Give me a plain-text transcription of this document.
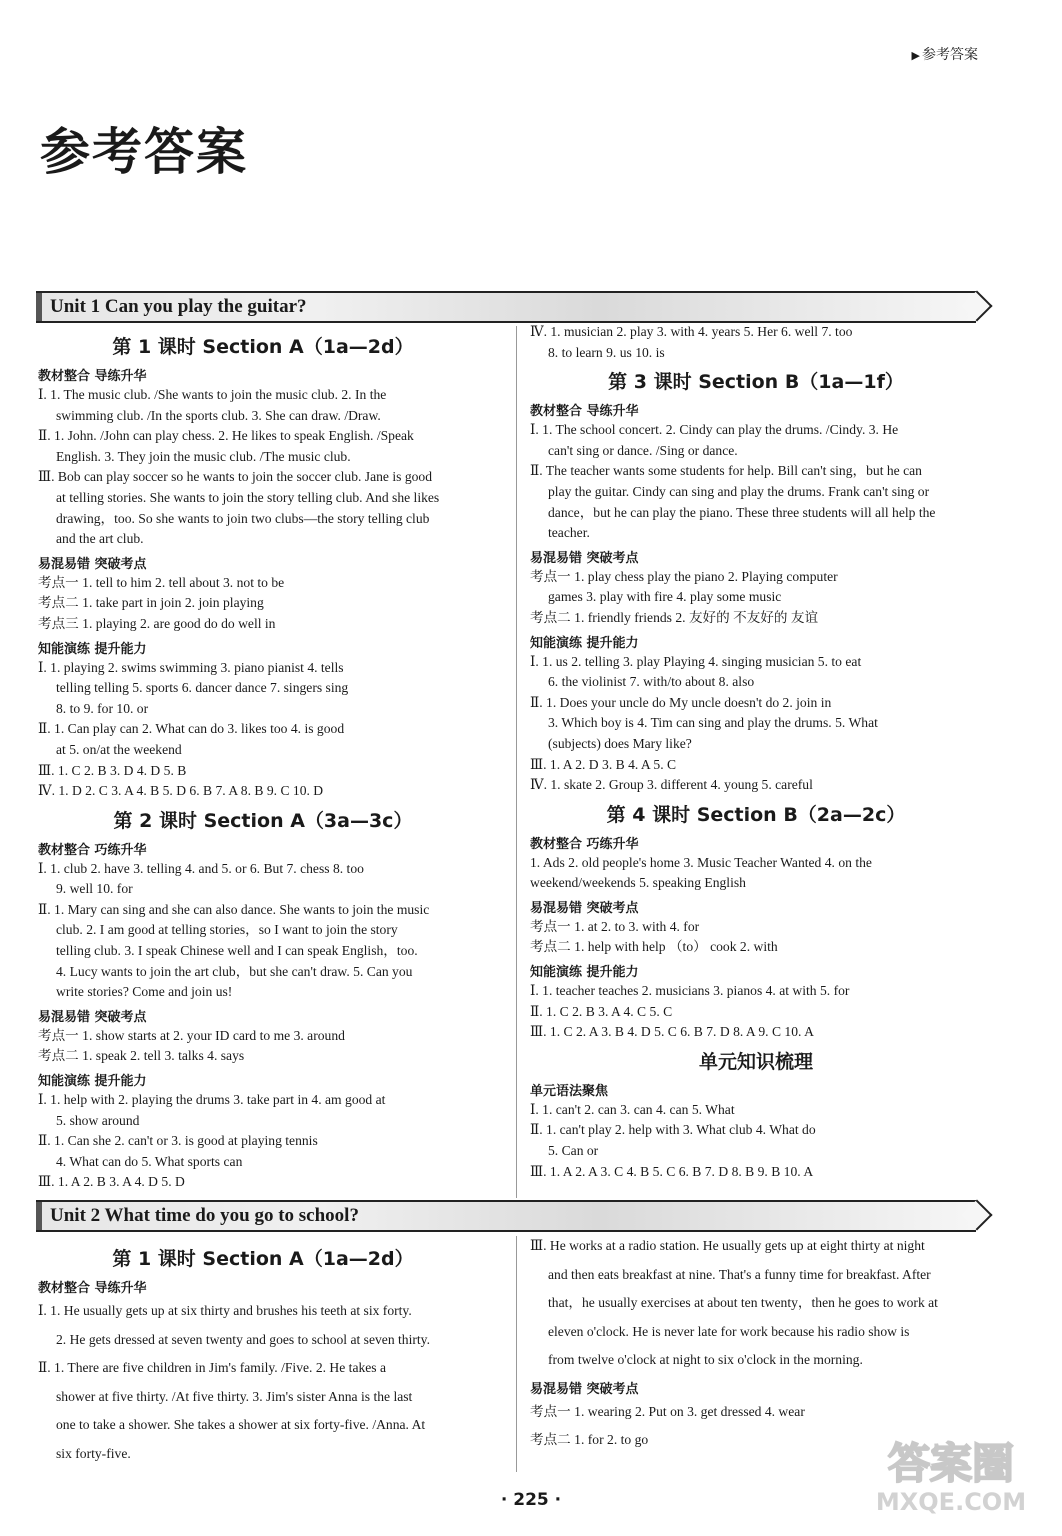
▶ 参考答案
参考答案
Unit 1 Can you play the guitar?
第 1 课时 Section A（1a—2d）
教材整合 导练升华
Ⅰ. 1. The music club. /She wants to join the music club. 2. In the
swimming club. /In the sports club. 3. She can draw. /Draw.
Ⅱ. 1. John. /John can play chess. 2. He likes to speak English. /Speak
English. 3. They join the music club. /The music club.
Ⅲ. Bob can play soccer so he wants to join the soccer club. Jane is good
at telling stories. She wants to join the story telling club. And she likes
drawing，too. So she wants to join two clubs—the story telling club
and the art club.
易混易错 突破考点
考点一 1. tell to him 2. tell about 3. not to be
考点二 1. take part in join 2. join playing
考点三 1. playing 2. are good do do well in
知能演练 提升能力
Ⅰ. 1. playing 2. swims swimming 3. piano pianist 4. tells
telling telling 5. sports 6. dancer dance 7. singers sing
8. to 9. for 10. or
Ⅱ. 1. Can play can 2. What can do 3. likes too 4. is good
at 5. on/at the weekend
Ⅲ. 1. C 2. B 3. D 4. D 5. B
Ⅳ. 1. D 2. C 3. A 4. B 5. D 6. B 7. A 8. B 9. C 10. D
第 2 课时 Section A（3a—3c）
教材整合 巧练升华
Ⅰ. 1. club 2. have 3. telling 4. and 5. or 6. But 7. chess 8. too
9. well 10. for
Ⅱ. 1. Mary can sing and she can also dance. She wants to join the music
club. 2. I am good at telling stories，so I want to join the story
telling club. 3. I speak Chinese well and I can speak English，too.
4. Lucy wants to join the art club，but she can't draw. 5. Can you
write stories? Come and join us!
易混易错 突破考点
考点一 1. show starts at 2. your ID card to me 3. around
考点二 1. speak 2. tell 3. talks 4. says
知能演练 提升能力
Ⅰ. 1. help with 2. playing the drums 3. take part in 4. am good at
5. show around
Ⅱ. 1. Can she 2. can't or 3. is good at playing tennis
4. What can do 5. What sports can
Ⅲ. 1. A 2. B 3. A 4. D 5. D
Ⅳ. 1. musician 2. play 3. with 4. years 5. Her 6. well 7. too
8. to learn 9. us 10. is
第 3 课时 Section B（1a—1f）
教材整合 导练升华
Ⅰ. 1. The school concert. 2. Cindy can play the drums. /Cindy. 3. He
can't sing or dance. /Sing or dance.
Ⅱ. The teacher wants some students for help. Bill can't sing，but he can
play the guitar. Cindy can sing and play the drums. Frank can't sing or
dance，but he can play the piano. These three students will all help the
teacher.
易混易错 突破考点
考点一 1. play chess play the piano 2. Playing computer
games 3. play with fire 4. play some music
考点二 1. friendly friends 2. 友好的 不友好的 友谊
知能演练 提升能力
Ⅰ. 1. us 2. telling 3. play Playing 4. singing musician 5. to eat
6. the violinist 7. with/to about 8. also
Ⅱ. 1. Does your uncle do My uncle doesn't do 2. join in
3. Which boy is 4. Tim can sing and play the drums. 5. What
(subjects) does Mary like?
Ⅲ. 1. A 2. D 3. B 4. A 5. C
Ⅳ. 1. skate 2. Group 3. different 4. young 5. careful
第 4 课时 Section B（2a—2c）
教材整合 巧练升华
1. Ads 2. old people's home 3. Music Teacher Wanted 4. on the
weekend/weekends 5. speaking English
易混易错 突破考点
考点一 1. at 2. to 3. with 4. for
考点二 1. help with help （to） cook 2. with
知能演练 提升能力
Ⅰ. 1. teacher teaches 2. musicians 3. pianos 4. at with 5. for
Ⅱ. 1. C 2. B 3. A 4. C 5. C
Ⅲ. 1. C 2. A 3. B 4. D 5. C 6. B 7. D 8. A 9. C 10. A
单元知识梳理
单元语法聚焦
Ⅰ. 1. can't 2. can 3. can 4. can 5. What
Ⅱ. 1. can't play 2. help with 3. What club 4. What do
5. Can or
Ⅲ. 1. A 2. A 3. C 4. B 5. C 6. B 7. D 8. B 9. B 10. A
Unit 2 What time do you go to school?
第 1 课时 Section A（1a—2d）
教材整合 导练升华
Ⅰ. 1. He usually gets up at six thirty and brushes his teeth at six forty.
2. He gets dressed at seven twenty and goes to school at seven thirty.
Ⅱ. 1. There are five children in Jim's family. /Five. 2. He takes a
shower at five thirty. /At five thirty. 3. Jim's sister Anna is the last
one to take a shower. She takes a shower at six forty-five. /Anna. At
six forty-five.
Ⅲ. He works at a radio station. He usually gets up at eight thirty at night
and then eats breakfast at nine. That's a funny time for breakfast. After
that，he usually exercises at about ten twenty，then he goes to work at
eleven o'clock. He is never late for work because his radio show is
from twelve o'clock at night to six o'clock in the morning.
易混易错 突破考点
考点一 1. wearing 2. Put on 3. get dressed 4. wear
考点二 1. for 2. to go
· 225 ·
答案圈
MXQE.COM
